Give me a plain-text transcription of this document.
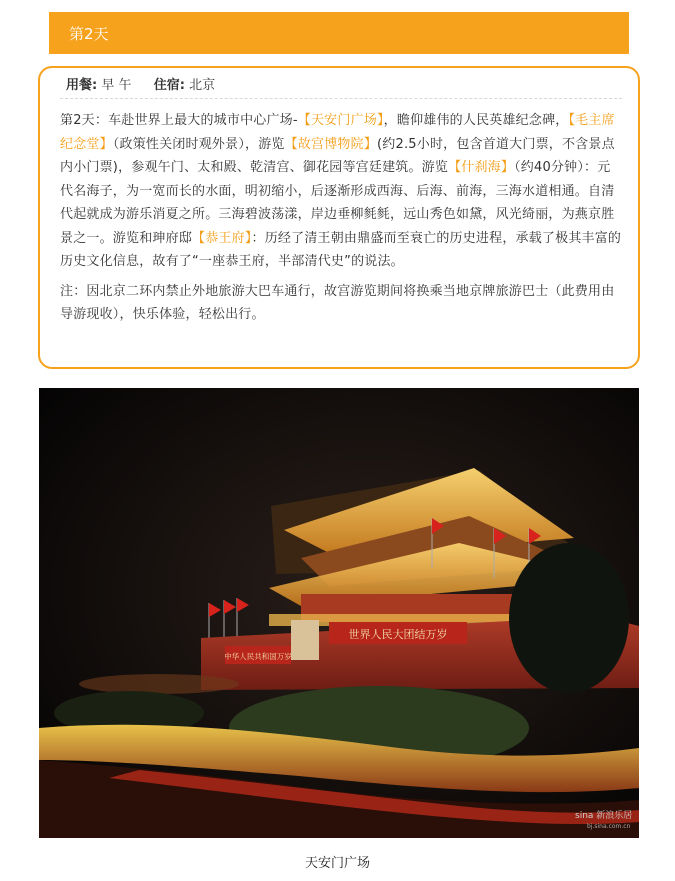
第2天
用餐: 早 午 住宿: 北京

第2天：车赴世界上最大的城市中心广场-【天安门广场】，瞻仰雄伟的人民英雄纪念碑，【毛主席纪念堂】（政策性关闭时观外景），游览【故宫博物院】(约2.5小时，包含首道大门票，不含景点内小门票)，参观午门、太和殿、乾清宫、御花园等宫廷建筑。游览【什刹海】（约40分钟）：元代名海子，为一宽而长的水面，明初缩小，后逐渐形成西海、后海、前海，三海水道相通。自清代起就成为游乐消夏之所。三海碧波荡漾，岸边垂柳毵毵，远山秀色如黛，风光绮丽，为燕京胜景之一。游览和珅府邸【恭王府】：历经了清王朝由鼎盛而至衰亡的历史进程，承载了极其丰富的历史文化信息，故有了“一座恭王府，半部清代史”的说法。

注：因北京二环内禁止外地旅游大巴车通行，故宫游览期间将换乘当地京牌旅游巴士（此费用由导游现收），快乐体验，轻松出行。

中华人民共和国万岁
世界人民大团结万岁
sina 新浪乐居
bj.sina.com.cn
天安门广场
